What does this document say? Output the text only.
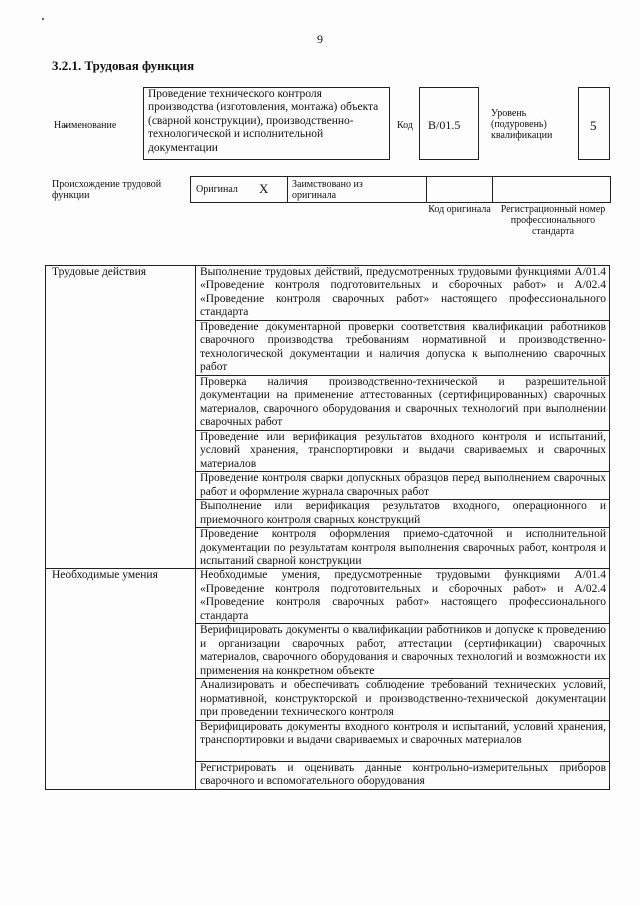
9
3.2.1. Трудовая функция
Наименование
Проведение технического контроля производства (изготовления, монтажа) объекта (сварной конструкции), производственно-технологической и исполнительной документации
Код B/01.5
Уровень (подуровень) квалификации
5
Происхождение трудовой функции
Оригинал X Заимствовано из оригинала
Код оригинала Регистрационный номер профессионального стандарта
Трудовые действия	Выполнение трудовых действий, предусмотренных трудовыми функциями A/01.4 «Проведение контроля подготовительных и сборочных работ» и A/02.4 «Проведение контроля сварочных работ» настоящего профессионального стандарта
	Проведение документарной проверки соответствия квалификации работников сварочного производства требованиям нормативной и производственно-технологической документации и наличия допуска к выполнению сварочных работ
	Проверка наличия производственно-технической и разрешительной документации на применение аттестованных (сертифицированных) сварочных материалов, сварочного оборудования и сварочных технологий при выполнении сварочных работ
	Проведение или верификация результатов входного контроля и испытаний, условий хранения, транспортировки и выдачи свариваемых и сварочных материалов
	Проведение контроля сварки допускных образцов перед выполнением сварочных работ и оформление журнала сварочных работ
	Выполнение или верификация результатов входного, операционного и приемочного контроля сварных конструкций
	Проведение контроля оформления приемо-сдаточной и исполнительной документации по результатам контроля выполнения сварочных работ, контроля и испытаний сварной конструкции
Необходимые умения	Необходимые умения, предусмотренные трудовыми функциями A/01.4 «Проведение контроля подготовительных и сборочных работ» и A/02.4 «Проведение контроля сварочных работ» настоящего профессионального стандарта
	Верифицировать документы о квалификации работников и допуске к проведению и организации сварочных работ, аттестации (сертификации) сварочных материалов, сварочного оборудования и сварочных технологий и возможности их применения на конкретном объекте
	Анализировать и обеспечивать соблюдение требований технических условий, нормативной, конструкторской и производственно-технической документации при проведении технического контроля
	Верифицировать документы входного контроля и испытаний, условий хранения, транспортировки и выдачи свариваемых и сварочных материалов
	Регистрировать и оценивать данные контрольно-измерительных приборов сварочного и вспомогательного оборудования
